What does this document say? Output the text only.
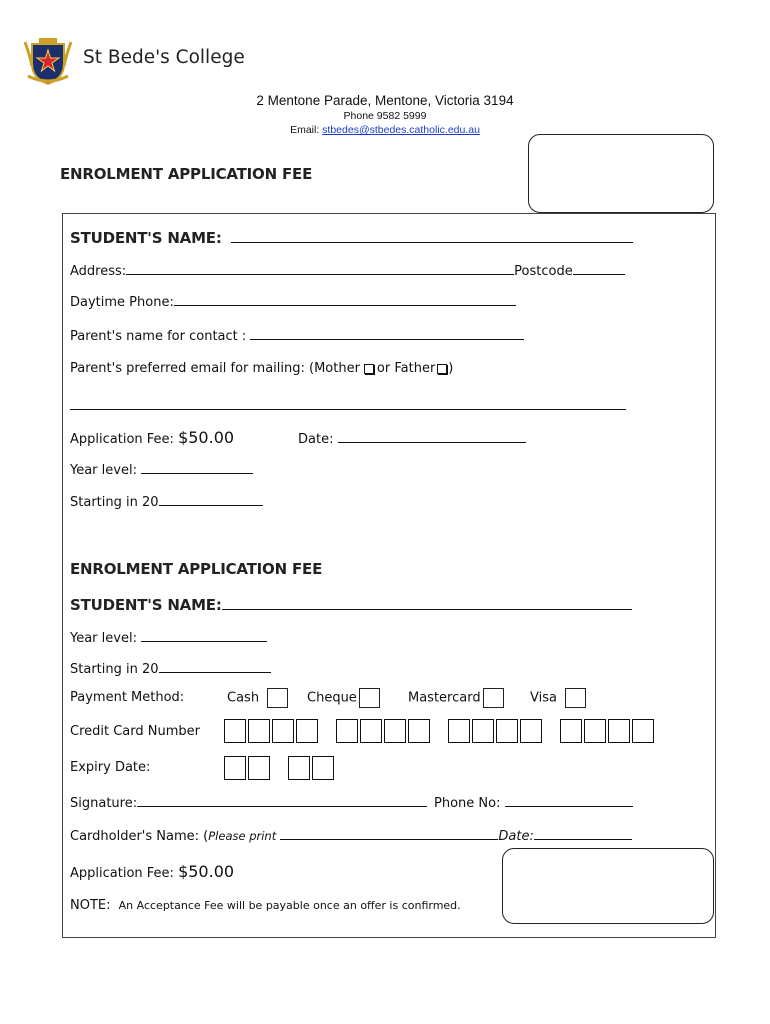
St Bede's College
2 Mentone Parade, Mentone, Victoria 3194
Phone 9582 5999
Email: stbedes@stbedes.catholic.edu.au
ENROLMENT APPLICATION FEE
STUDENT'S NAME:
Address:	Postcode
Daytime Phone:
Parent's name for contact :
Parent's preferred email for mailing: (Mother or Father )
Application Fee: $50.00	Date:
Year level:
Starting in 20
ENROLMENT APPLICATION FEE
STUDENT'S NAME:
Year level:
Starting in 20
Payment Method:	Cash	Cheque	Mastercard	Visa
Credit Card Number
Expiry Date:
Signature:	Phone No:
Cardholder's Name: (Please print	Date:
Application Fee: $50.00
NOTE: An Acceptance Fee will be payable once an offer is confirmed.
